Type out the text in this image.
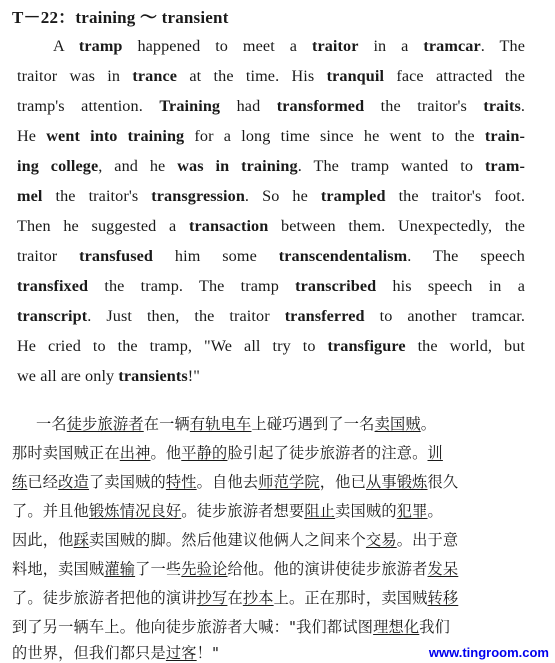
T－22：training ～ transient
A tramp happened to meet a traitor in a tramcar. The
traitor was in trance at the time. His tranquil face attracted the
tramp's attention. Training had transformed the traitor's traits.
He went into training for a long time since he went to the train-
ing college, and he was in training. The tramp wanted to tram-
mel the traitor's transgression. So he trampled the traitor's foot.
Then he suggested a transaction between them. Unexpectedly, the
traitor transfused him some transcendentalism. The speech
transfixed the tramp. The tramp transcribed his speech in a
transcript. Just then, the traitor transferred to another tramcar.
He cried to the tramp, "We all try to transfigure the world, but
we all are only transients!"
一名徒步旅游者在一辆有轨电车上碰巧遇到了一名卖国贼。
那时卖国贼正在出神。他平静的脸引起了徒步旅游者的注意。训
练已经改造了卖国贼的特性。自他去师范学院，他已从事锻炼很久
了。并且他锻炼情况良好。徒步旅游者想要阻止卖国贼的犯罪。
因此，他踩卖国贼的脚。然后他建议他俩人之间来个交易。出于意
料地，卖国贼灌输了一些先验论给他。他的演讲使徒步旅游者发呆
了。徒步旅游者把他的演讲抄写在抄本上。正在那时，卖国贼转移
到了另一辆车上。他向徒步旅游者大喊："我们都试图理想化我们
的世界，但我们都只是过客！"	www.tingroom.com
